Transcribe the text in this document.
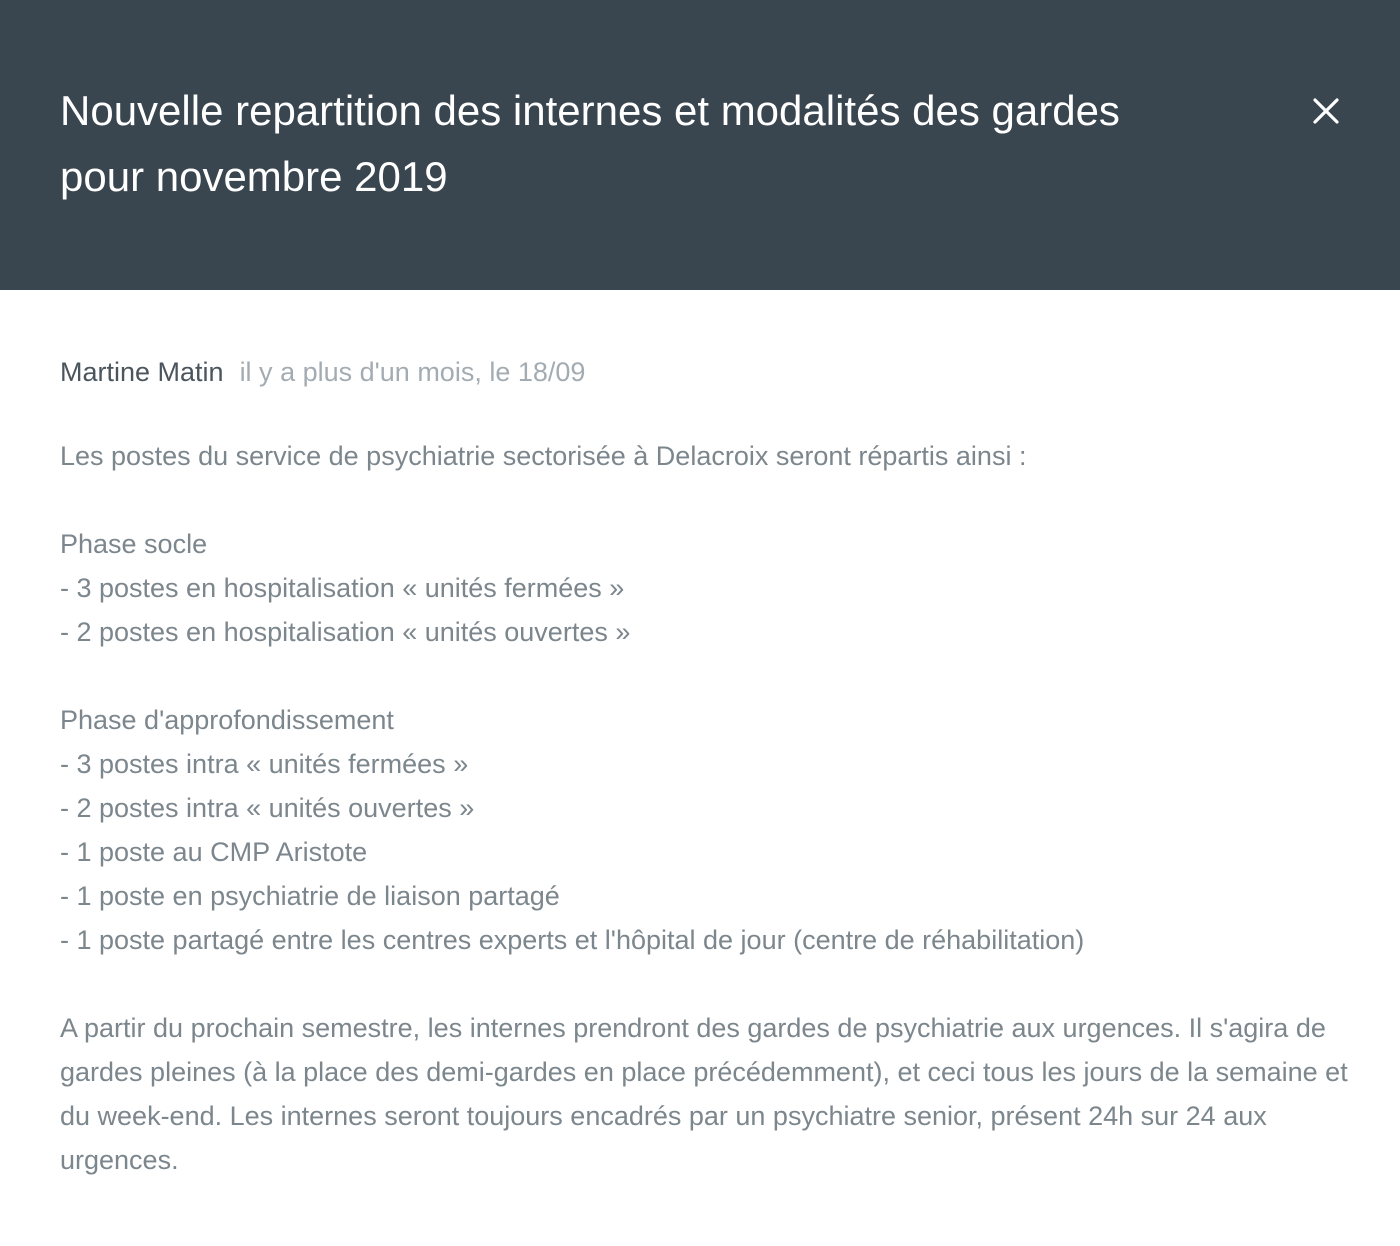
Nouvelle repartition des internes et modalités des gardes pour novembre 2019
Martine Matin il y a plus d'un mois, le 18/09

Les postes du service de psychiatrie sectorisée à Delacroix seront répartis ainsi :

Phase socle
- 3 postes en hospitalisation « unités fermées »
- 2 postes en hospitalisation « unités ouvertes »

Phase d'approfondissement
- 3 postes intra « unités fermées »
- 2 postes intra « unités ouvertes »
- 1 poste au CMP Aristote
- 1 poste en psychiatrie de liaison partagé
- 1 poste partagé entre les centres experts et l'hôpital de jour (centre de réhabilitation)

A partir du prochain semestre, les internes prendront des gardes de psychiatrie aux urgences. Il s'agira de gardes pleines (à la place des demi-gardes en place précédemment), et ceci tous les jours de la semaine et du week-end. Les internes seront toujours encadrés par un psychiatre senior, présent 24h sur 24 aux urgences.
